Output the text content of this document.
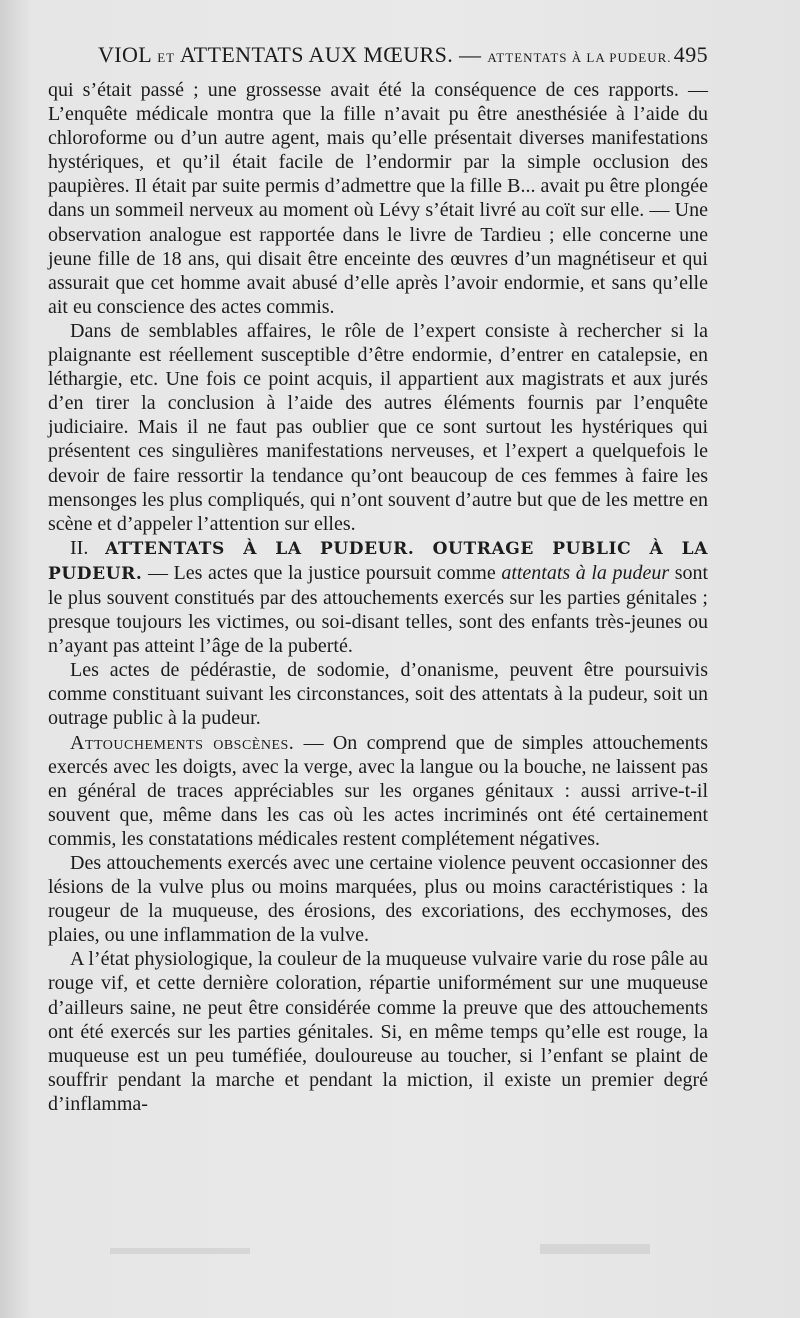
VIOL ET ATTENTATS AUX MŒURS. — ATTENTATS À LA PUDEUR. 495

qui s’était passé ; une grossesse avait été la conséquence de ces rapports. — L’enquête médicale montra que la fille n’avait pu être anesthésiée à l’aide du chloroforme ou d’un autre agent, mais qu’elle présentait diverses manifestations hystériques, et qu’il était facile de l’endormir par la simple occlusion des paupières. Il était par suite permis d’admettre que la fille B... avait pu être plongée dans un sommeil nerveux au moment où Lévy s’était livré au coït sur elle. — Une observation analogue est rapportée dans le livre de Tardieu ; elle concerne une jeune fille de 18 ans, qui disait être enceinte des œuvres d’un magnétiseur et qui assurait que cet homme avait abusé d’elle après l’avoir endormie, et sans qu’elle ait eu conscience des actes commis.

Dans de semblables affaires, le rôle de l’expert consiste à rechercher si la plaignante est réellement susceptible d’être endormie, d’entrer en catalepsie, en léthargie, etc. Une fois ce point acquis, il appartient aux magistrats et aux jurés d’en tirer la conclusion à l’aide des autres éléments fournis par l’enquête judiciaire. Mais il ne faut pas oublier que ce sont surtout les hystériques qui présentent ces singulières manifestations nerveuses, et l’expert a quelquefois le devoir de faire ressortir la tendance qu’ont beaucoup de ces femmes à faire les mensonges les plus compliqués, qui n’ont souvent d’autre but que de les mettre en scène et d’appeler l’attention sur elles.

II. ATTENTATS À LA PUDEUR. OUTRAGE PUBLIC À LA PUDEUR. — Les actes que la justice poursuit comme attentats à la pudeur sont le plus souvent constitués par des attouchements exercés sur les parties génitales ; presque toujours les victimes, ou soi-disant telles, sont des enfants très-jeunes ou n’ayant pas atteint l’âge de la puberté.

Les actes de pédérastie, de sodomie, d’onanisme, peuvent être poursuivis comme constituant suivant les circonstances, soit des attentats à la pudeur, soit un outrage public à la pudeur.

Attouchements obscènes. — On comprend que de simples attouchements exercés avec les doigts, avec la verge, avec la langue ou la bouche, ne laissent pas en général de traces appréciables sur les organes génitaux : aussi arrive-t-il souvent que, même dans les cas où les actes incriminés ont été certainement commis, les constatations médicales restent complétement négatives.

Des attouchements exercés avec une certaine violence peuvent occasionner des lésions de la vulve plus ou moins marquées, plus ou moins caractéristiques : la rougeur de la muqueuse, des érosions, des excoriations, des ecchymoses, des plaies, ou une inflammation de la vulve.

A l’état physiologique, la couleur de la muqueuse vulvaire varie du rose pâle au rouge vif, et cette dernière coloration, répartie uniformément sur une muqueuse d’ailleurs saine, ne peut être considérée comme la preuve que des attouchements ont été exercés sur les parties génitales. Si, en même temps qu’elle est rouge, la muqueuse est un peu tuméfiée, douloureuse au toucher, si l’enfant se plaint de souffrir pendant la marche et pendant la miction, il existe un premier degré d’inflamma-
